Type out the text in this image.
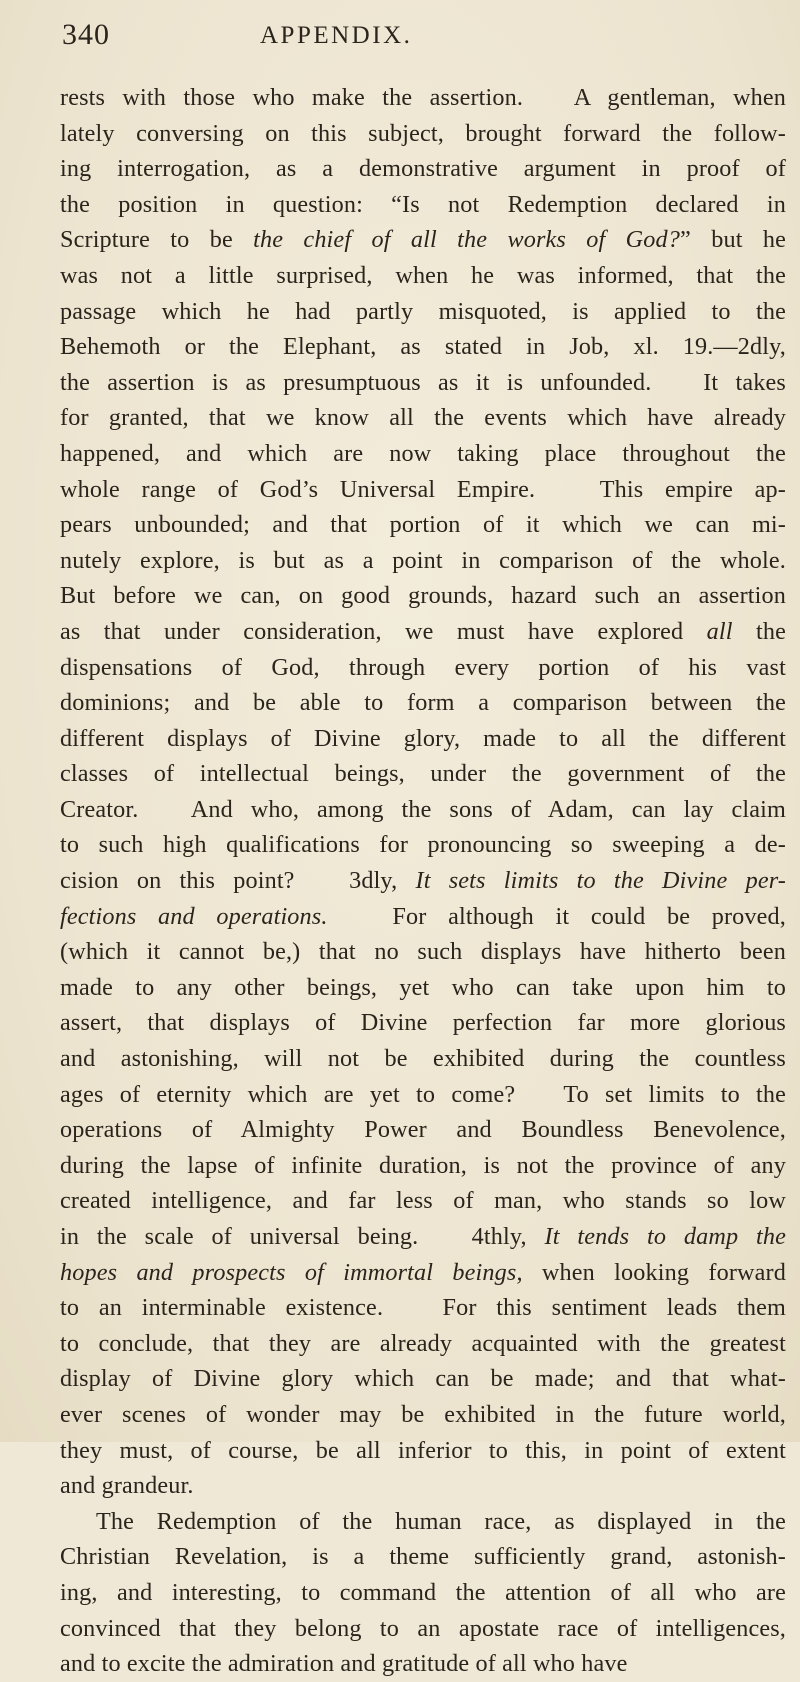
340	APPENDIX.
rests with those who make the assertion.   A gentleman, when
lately conversing on this subject, brought forward the follow-
ing interrogation, as a demonstrative argument in proof of
the position in question: “Is not Redemption declared in
Scripture to be the chief of all the works of God?” but he
was not a little surprised, when he was informed, that the
passage which he had partly misquoted, is applied to the
Behemoth or the Elephant, as stated in Job, xl. 19.—2dly,
the assertion is as presumptuous as it is unfounded.   It takes
for granted, that we know all the events which have already
happened, and which are now taking place throughout the
whole range of God’s Universal Empire.   This empire ap-
pears unbounded; and that portion of it which we can mi-
nutely explore, is but as a point in comparison of the whole.
But before we can, on good grounds, hazard such an assertion
as that under consideration, we must have explored all the
dispensations of God, through every portion of his vast
dominions; and be able to form a comparison between the
different displays of Divine glory, made to all the different
classes of intellectual beings, under the government of the
Creator.   And who, among the sons of Adam, can lay claim
to such high qualifications for pronouncing so sweeping a de-
cision on this point?   3dly, It sets limits to the Divine per-
fections and operations.   For although it could be proved,
(which it cannot be,) that no such displays have hitherto been
made to any other beings, yet who can take upon him to
assert, that displays of Divine perfection far more glorious
and astonishing, will not be exhibited during the countless
ages of eternity which are yet to come?   To set limits to the
operations of Almighty Power and Boundless Benevolence,
during the lapse of infinite duration, is not the province of any
created intelligence, and far less of man, who stands so low
in the scale of universal being.   4thly, It tends to damp the
hopes and prospects of immortal beings, when looking forward
to an interminable existence.   For this sentiment leads them
to conclude, that they are already acquainted with the greatest
display of Divine glory which can be made; and that what-
ever scenes of wonder may be exhibited in the future world,
they must, of course, be all inferior to this, in point of extent
and grandeur.
The Redemption of the human race, as displayed in the
Christian Revelation, is a theme sufficiently grand, astonish-
ing, and interesting, to command the attention of all who are
convinced that they belong to an apostate race of intelligences,
and to excite the admiration and gratitude of all who have
